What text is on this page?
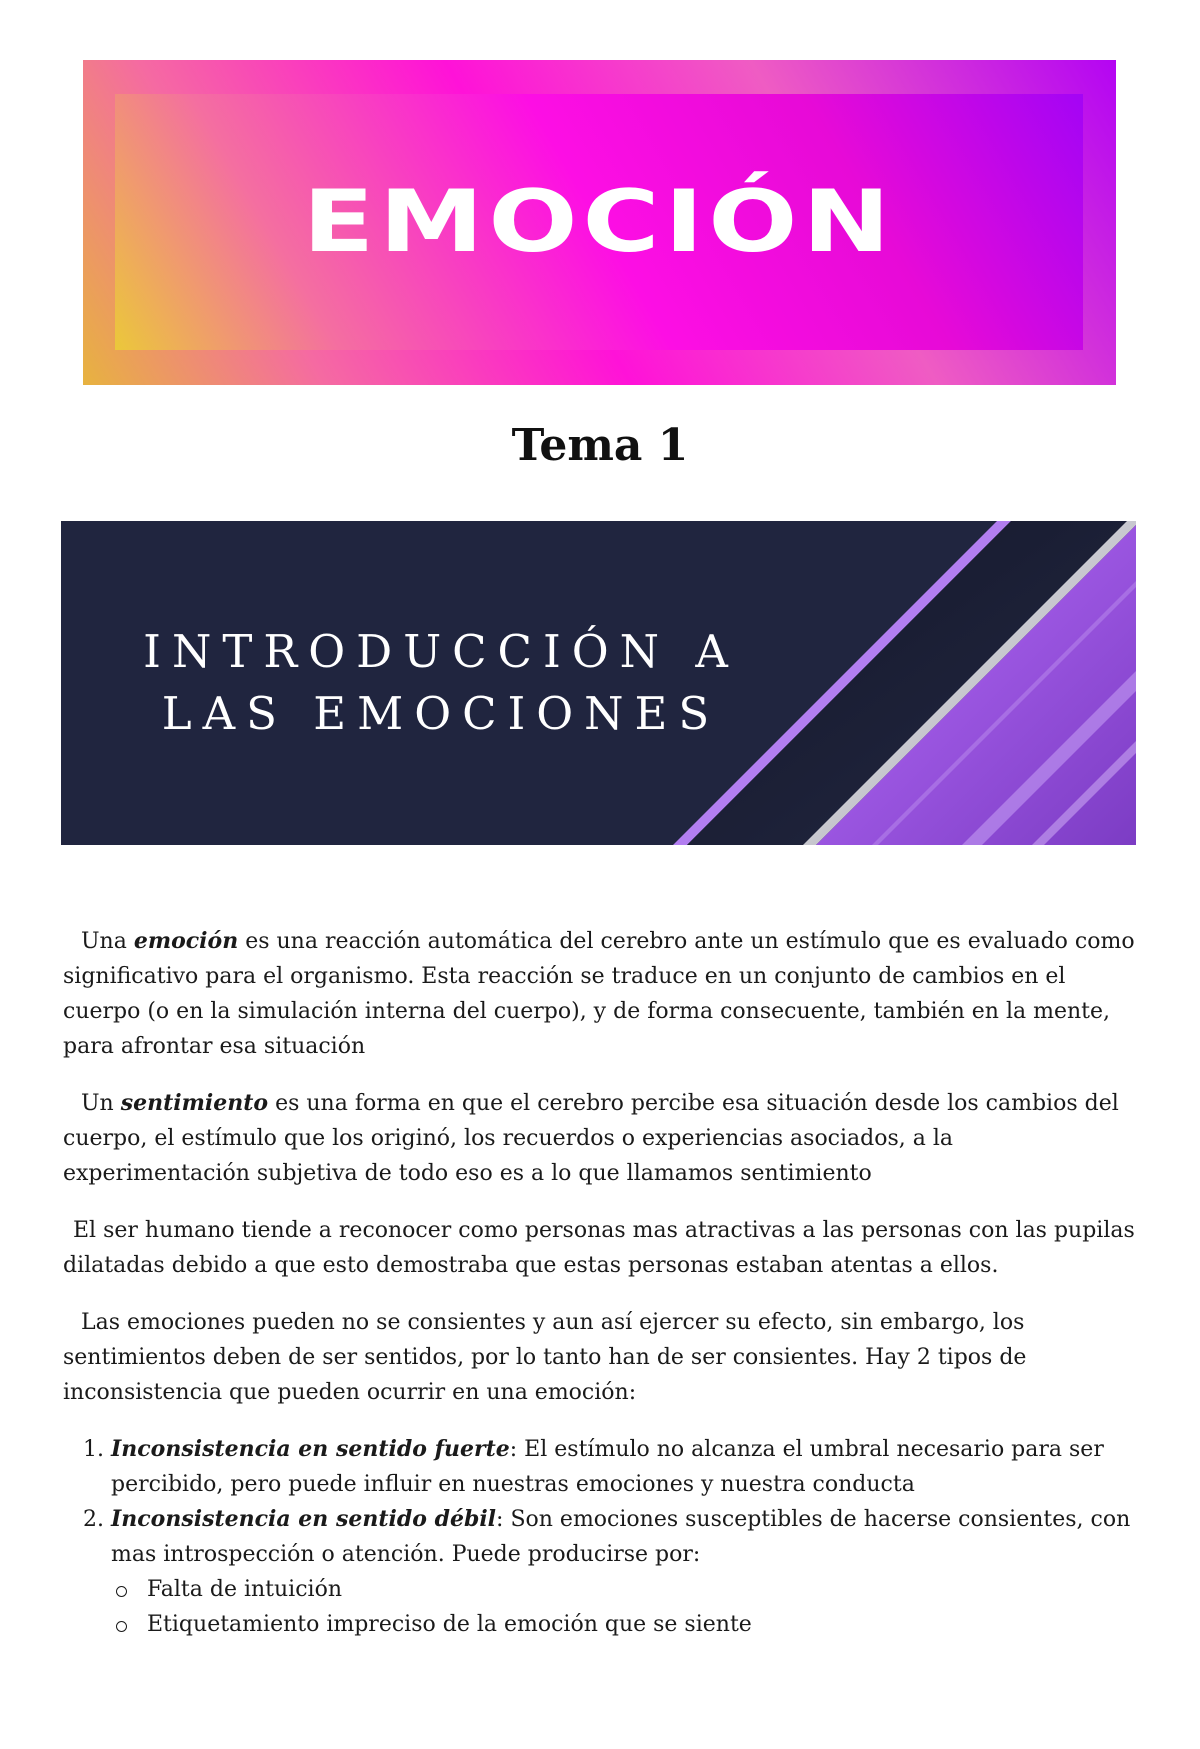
EMOCIÓN
Tema 1
INTRODUCCIÓN A
LAS EMOCIONES

Una emoción es una reacción automática del cerebro ante un estímulo que es evaluado como significativo para el organismo. Esta reacción se traduce en un conjunto de cambios en el cuerpo (o en la simulación interna del cuerpo), y de forma consecuente, también en la mente, para afrontar esa situación

Un sentimiento es una forma en que el cerebro percibe esa situación desde los cambios del cuerpo, el estímulo que los originó, los recuerdos o experiencias asociados, a la experimentación subjetiva de todo eso es a lo que llamamos sentimiento

El ser humano tiende a reconocer como personas mas atractivas a las personas con las pupilas dilatadas debido a que esto demostraba que estas personas estaban atentas a ellos.

Las emociones pueden no se consientes y aun así ejercer su efecto, sin embargo, los sentimientos deben de ser sentidos, por lo tanto han de ser consientes. Hay 2 tipos de inconsistencia que pueden ocurrir en una emoción:

1. Inconsistencia en sentido fuerte: El estímulo no alcanza el umbral necesario para ser percibido, pero puede influir en nuestras emociones y nuestra conducta
2. Inconsistencia en sentido débil: Son emociones susceptibles de hacerse consientes, con mas introspección o atención. Puede producirse por:
Falta de intuición
Etiquetamiento impreciso de la emoción que se siente
